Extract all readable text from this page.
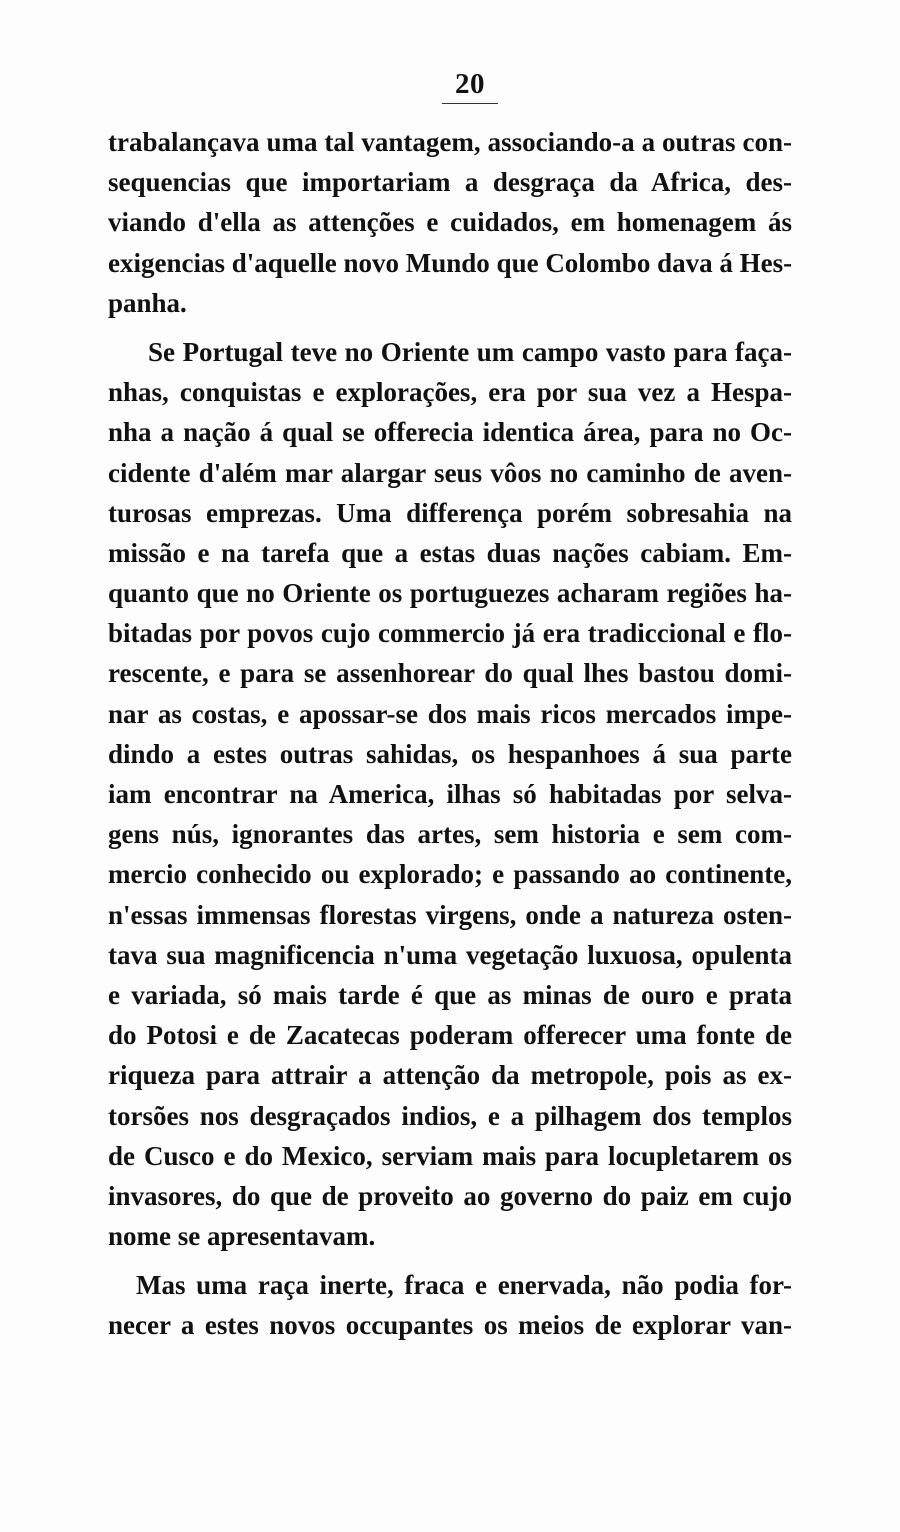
20
trabalançava uma tal vantagem, associando-a a outras con-
sequencias que importariam a desgraça da Africa, des-
viando d'ella as attenções e cuidados, em homenagem ás
exigencias d'aquelle novo Mundo que Colombo dava á Hes-
panha.
Se Portugal teve no Oriente um campo vasto para faça-
nhas, conquistas e explorações, era por sua vez a Hespa-
nha a nação á qual se offerecia identica área, para no Oc-
cidente d'além mar alargar seus vôos no caminho de aven-
turosas emprezas. Uma differença porém sobresahia na
missão e na tarefa que a estas duas nações cabiam. Em-
quanto que no Oriente os portuguezes acharam regiões ha-
bitadas por povos cujo commercio já era tradiccional e flo-
rescente, e para se assenhorear do qual lhes bastou domi-
nar as costas, e apossar-se dos mais ricos mercados impe-
dindo a estes outras sahidas, os hespanhoes á sua parte
iam encontrar na America, ilhas só habitadas por selva-
gens nús, ignorantes das artes, sem historia e sem com-
mercio conhecido ou explorado; e passando ao continente,
n'essas immensas florestas virgens, onde a natureza osten-
tava sua magnificencia n'uma vegetação luxuosa, opulenta
e variada, só mais tarde é que as minas de ouro e prata
do Potosi e de Zacatecas poderam offerecer uma fonte de
riqueza para attrair a attenção da metropole, pois as ex-
torsões nos desgraçados indios, e a pilhagem dos templos
de Cusco e do Mexico, serviam mais para locupletarem os
invasores, do que de proveito ao governo do paiz em cujo
nome se apresentavam.
Mas uma raça inerte, fraca e enervada, não podia for-
necer a estes novos occupantes os meios de explorar van-
